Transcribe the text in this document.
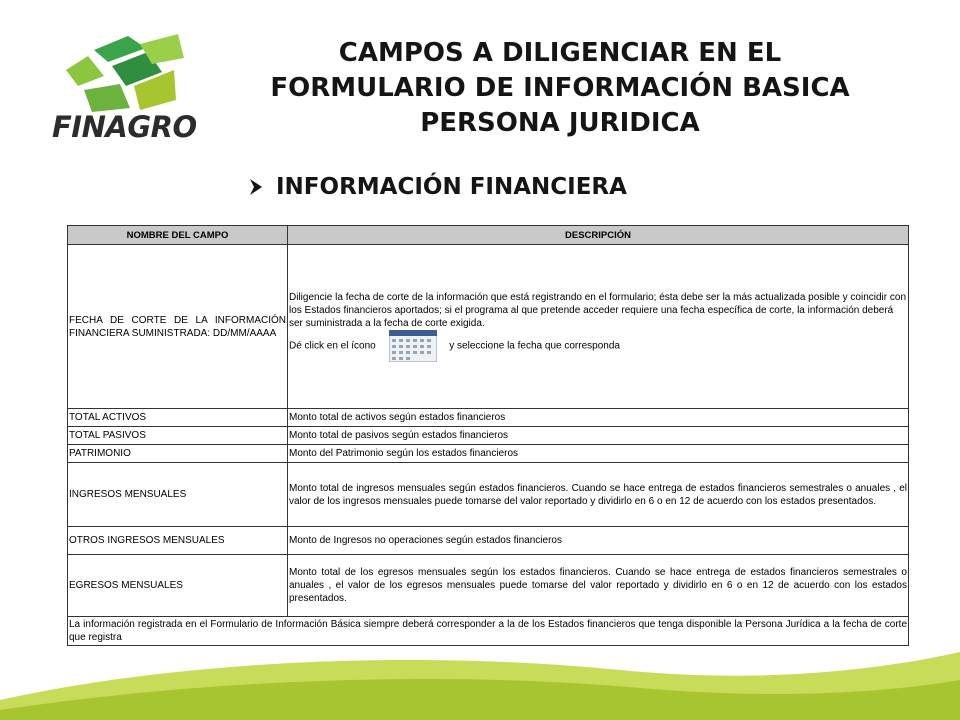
FINAGRO
CAMPOS A DILIGENCIAR EN EL
FORMULARIO DE INFORMACIÓN BASICA
PERSONA JURIDICA
INFORMACIÓN FINANCIERA
NOMBRE DEL CAMPO	DESCRIPCIÓN
FECHA DE CORTE DE LA INFORMACIÓN FINANCIERA SUMINISTRADA: DD/MM/AAAA	Diligencie la fecha de corte de la información que está registrando en el formulario; ésta debe ser la más actualizada posible y coincidir con los Estados financieros aportados; si el programa al que pretende acceder requiere una fecha específica de corte, la información deberá ser suministrada a la fecha de corte exigida.
Dé click en el ícono y seleccione la fecha que corresponda
TOTAL ACTIVOS	Monto total de activos según estados financieros
TOTAL PASIVOS	Monto total de pasivos según estados financieros
PATRIMONIO	Monto del Patrimonio según los estados financieros
INGRESOS MENSUALES	Monto total de ingresos mensuales según estados financieros. Cuando se hace entrega de estados financieros semestrales o anuales , el valor de los ingresos mensuales puede tomarse del valor reportado y dividirlo en 6 o en 12 de acuerdo con los estados presentados.
OTROS INGRESOS MENSUALES	Monto de Ingresos no operaciones según estados financieros
EGRESOS MENSUALES	Monto total de los egresos mensuales según los estados financieros. Cuando se hace entrega de estados financieros semestrales o anuales , el valor de los egresos mensuales puede tomarse del valor reportado y dividirlo en 6 o en 12 de acuerdo con los estados presentados.
La información registrada en el Formulario de Información Básica siempre deberá corresponder a la de los Estados financieros que tenga disponible la Persona Jurídica a la fecha de corte que registra	
